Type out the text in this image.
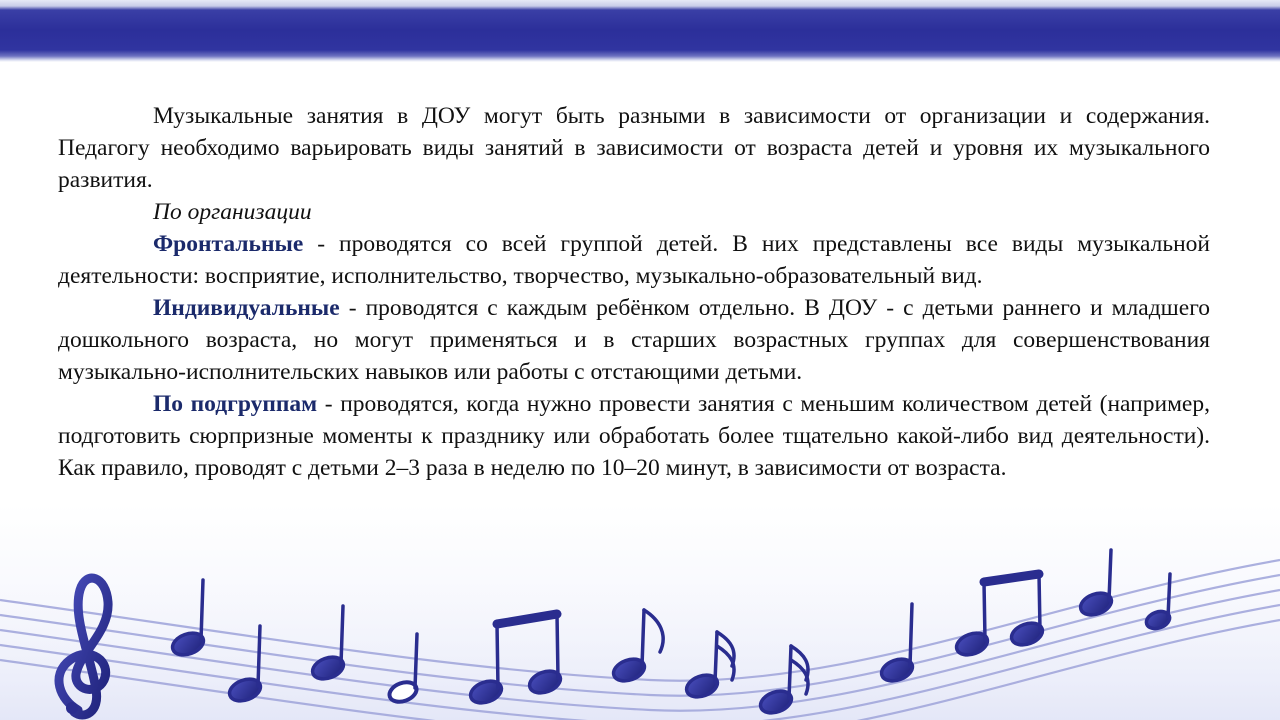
Музыкальные занятия в ДОУ могут быть разными в зависимости от организации и содержания. Педагогу необходимо варьировать виды занятий в зависимости от возраста детей и уровня их музыкального развития.

По организации

Фронтальные - проводятся со всей группой детей. В них представлены все виды музыкальной деятельности: восприятие, исполнительство, творчество, музыкально-образовательный вид.

Индивидуальные - проводятся с каждым ребёнком отдельно. В ДОУ - с детьми раннего и младшего дошкольного возраста, но могут применяться и в старших возрастных группах для совершенствования музыкально-исполнительских навыков или работы с отстающими детьми.

По подгруппам - проводятся, когда нужно провести занятия с меньшим количеством детей (например, подготовить сюрпризные моменты к празднику или обработать более тщательно какой-либо вид деятельности). Как правило, проводят с детьми 2–3 раза в неделю по 10–20 минут, в зависимости от возраста.
